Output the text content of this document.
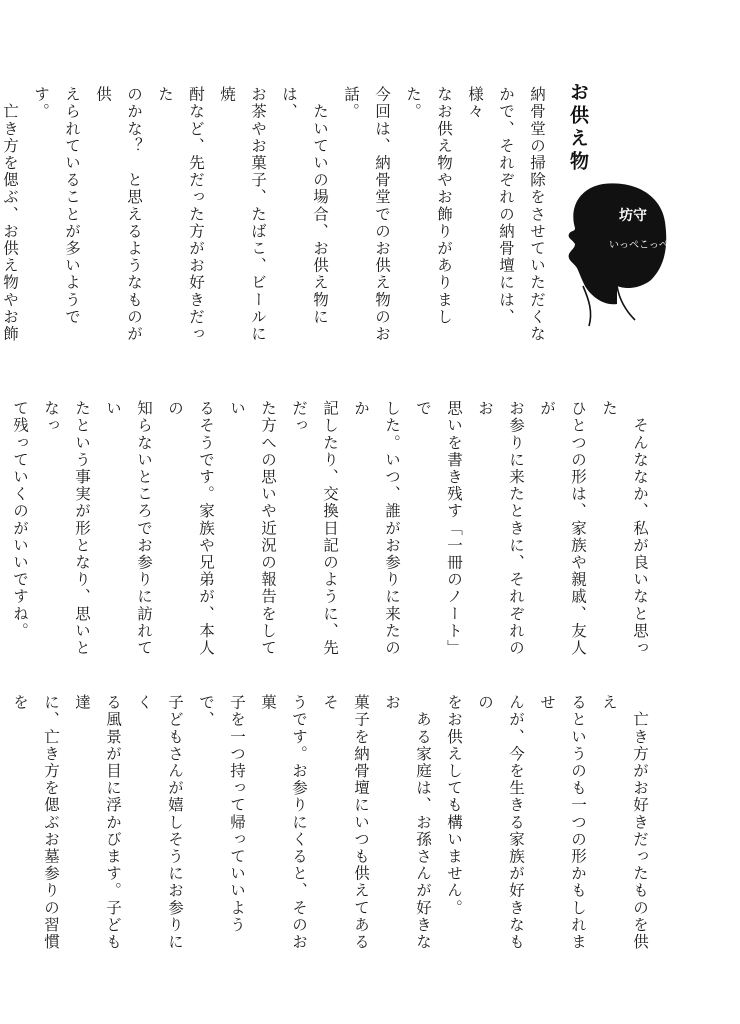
お供え物
坊守
いっぺこっぺ
納骨堂の掃除をさせていただくな
かで、それぞれの納骨壇には、様々
なお供え物やお飾りがありました。
今回は、納骨堂でのお供え物のお話。
　たいていの場合、お供え物には、
お茶やお菓子、たばこ、ビールに焼
酎など、先だった方がお好きだった
のかな？　と思えるようなものが供
えられていることが多いようです。
　亡き方を偲ぶ、お供え物やお飾

　そんななか、私が良いなと思った
ひとつの形は、家族や親戚、友人が
お参りに来たときに、それぞれのお
思いを書き残す「一冊のノート」で
した。いつ、誰がお参りに来たのか
記したり、交換日記のように、先だっ
た方への思いや近況の報告をしてい
るそうです。家族や兄弟が、本人の
知らないところでお参りに訪れてい
たという事実が形となり、思いとなっ
て残っていくのがいいですね。

　亡き方がお好きだったものを供え
るというのも一つの形かもしれませ
んが、今を生きる家族が好きなもの
をお供えしても構いません。
　ある家庭は、お孫さんが好きなお
菓子を納骨壇にいつも供えてあるそ
うです。お参りにくると、そのお菓
子を一つ持って帰っていいようで、
子どもさんが嬉しそうにお参りにく
る風景が目に浮かびます。子ども達
に、亡き方を偲ぶお墓参りの習慣を
